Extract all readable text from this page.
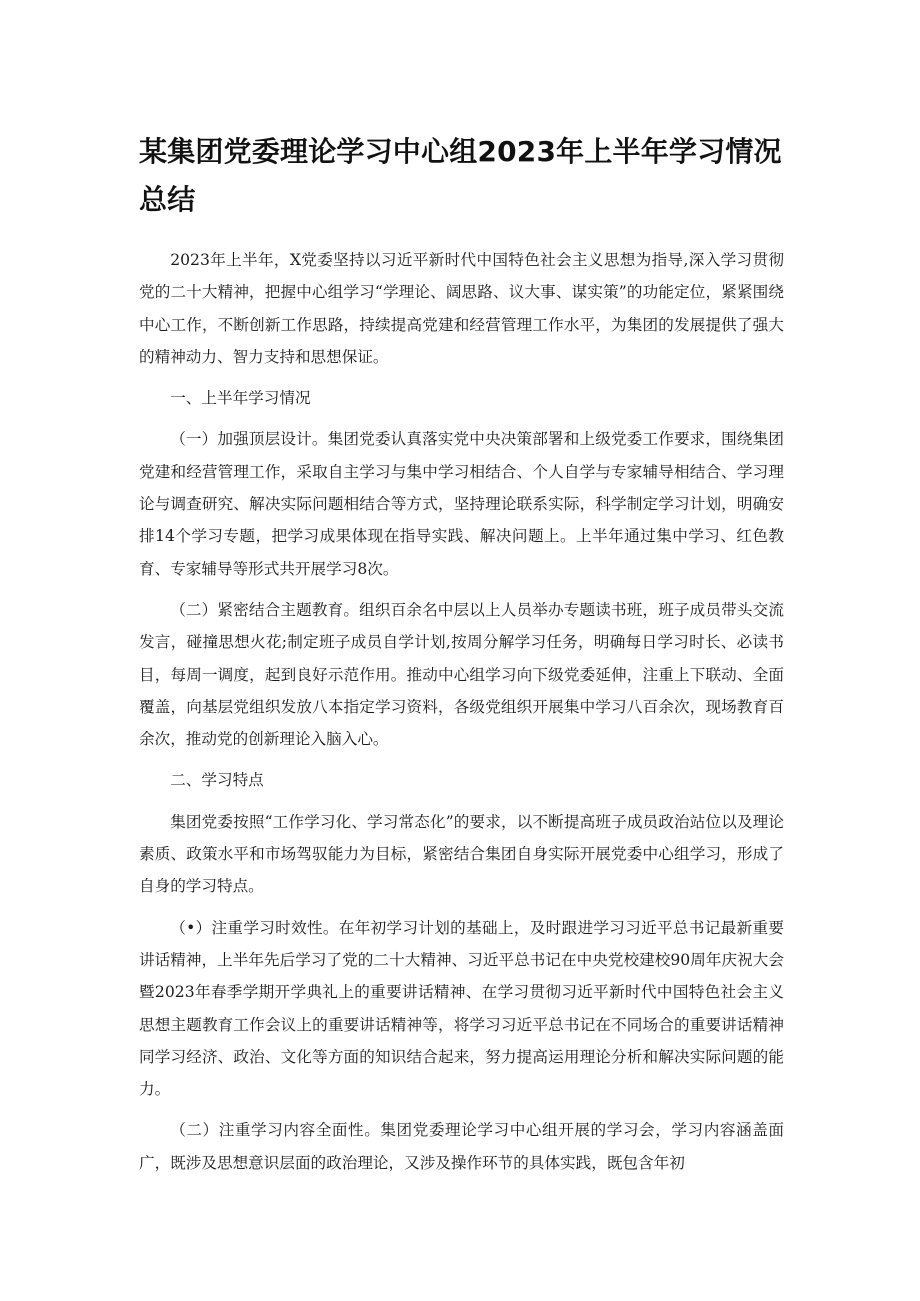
某集团党委理论学习中心组2023年上半年学习情况总结

2023年上半年，X党委坚持以习近平新时代中国特色社会主义思想为指导,深入学习贯彻党的二十大精神，把握中心组学习“学理论、阔思路、议大事、谋实策”的功能定位，紧紧围绕中心工作，不断创新工作思路，持续提高党建和经营管理工作水平，为集团的发展提供了强大的精神动力、智力支持和思想保证。

一、上半年学习情况

（一）加强顶层设计。集团党委认真落实党中央决策部署和上级党委工作要求，围绕集团党建和经营管理工作，采取自主学习与集中学习相结合、个人自学与专家辅导相结合、学习理论与调查研究、解决实际问题相结合等方式，坚持理论联系实际，科学制定学习计划，明确安排14个学习专题，把学习成果体现在指导实践、解决问题上。上半年通过集中学习、红色教育、专家辅导等形式共开展学习8次。

（二）紧密结合主题教育。组织百余名中层以上人员举办专题读书班，班子成员带头交流发言，碰撞思想火花;制定班子成员自学计划,按周分解学习任务，明确每日学习时长、必读书目，每周一调度，起到良好示范作用。推动中心组学习向下级党委延伸，注重上下联动、全面覆盖，向基层党组织发放八本指定学习资料，各级党组织开展集中学习八百余次，现场教育百余次，推动党的创新理论入脑入心。

二、学习特点

集团党委按照“工作学习化、学习常态化”的要求，以不断提高班子成员政治站位以及理论素质、政策水平和市场驾驭能力为目标，紧密结合集团自身实际开展党委中心组学习，形成了自身的学习特点。

（•）注重学习时效性。在年初学习计划的基础上，及时跟进学习习近平总书记最新重要讲话精神，上半年先后学习了党的二十大精神、习近平总书记在中央党校建校90周年庆祝大会暨2023年春季学期开学典礼上的重要讲话精神、在学习贯彻习近平新时代中国特色社会主义思想主题教育工作会议上的重要讲话精神等，将学习习近平总书记在不同场合的重要讲话精神同学习经济、政治、文化等方面的知识结合起来，努力提高运用理论分析和解决实际问题的能力。

（二）注重学习内容全面性。集团党委理论学习中心组开展的学习会，学习内容涵盖面广，既涉及思想意识层面的政治理论，又涉及操作环节的具体实践，既包含年初
